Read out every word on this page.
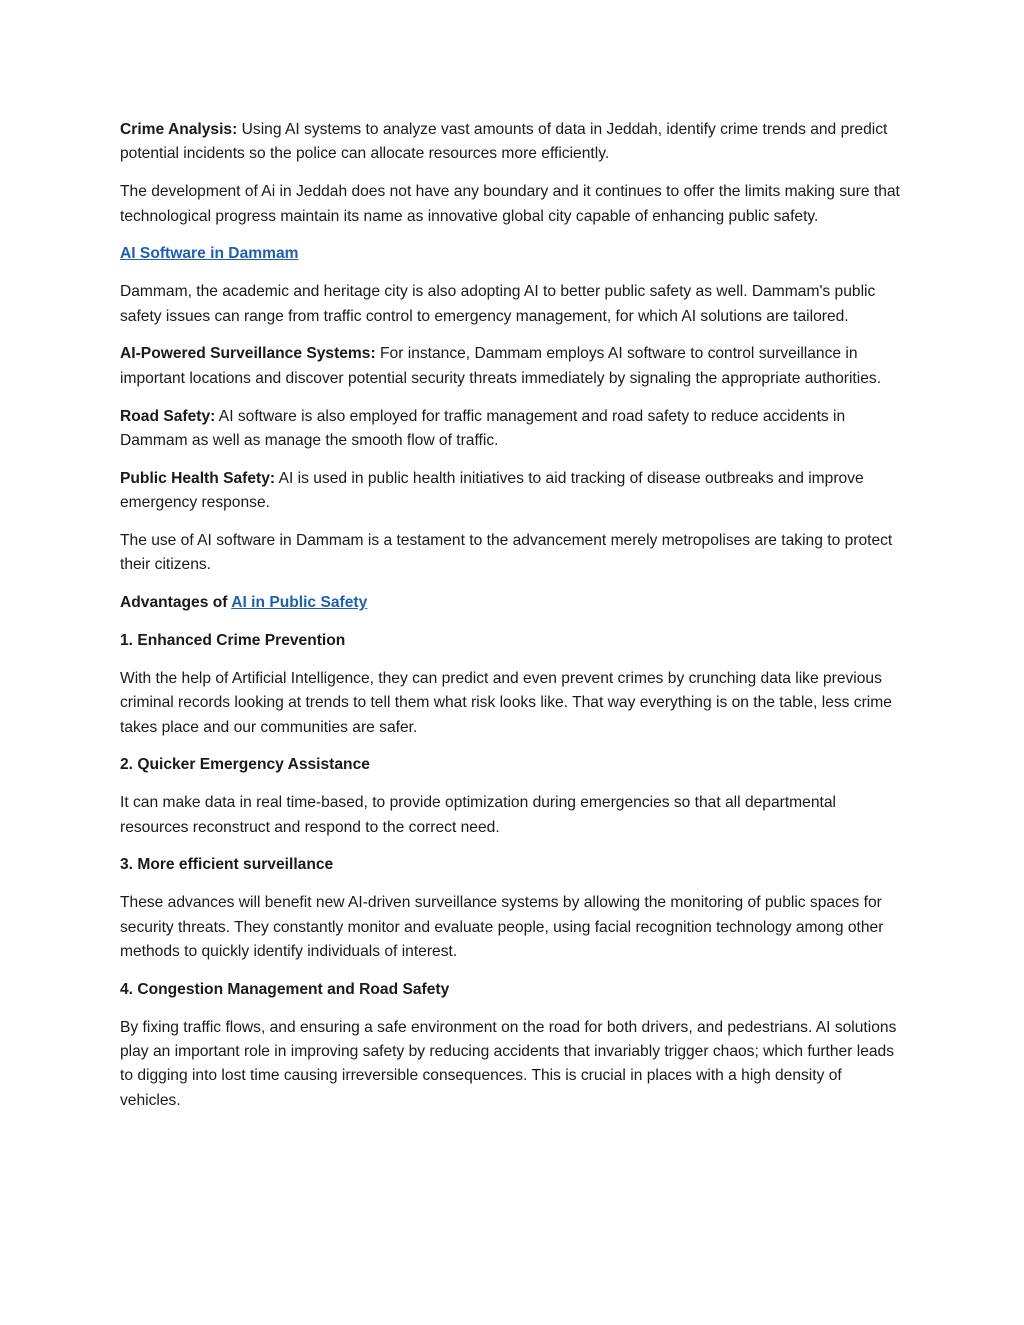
Crime Analysis: Using AI systems to analyze vast amounts of data in Jeddah, identify crime trends and predict potential incidents so the police can allocate resources more efficiently.

The development of Ai in Jeddah does not have any boundary and it continues to offer the limits making sure that technological progress maintain its name as innovative global city capable of enhancing public safety.

AI Software in Dammam

Dammam, the academic and heritage city is also adopting AI to better public safety as well. Dammam's public safety issues can range from traffic control to emergency management, for which AI solutions are tailored.

AI-Powered Surveillance Systems: For instance, Dammam employs AI software to control surveillance in important locations and discover potential security threats immediately by signaling the appropriate authorities.

Road Safety: AI software is also employed for traffic management and road safety to reduce accidents in Dammam as well as manage the smooth flow of traffic.

Public Health Safety: AI is used in public health initiatives to aid tracking of disease outbreaks and improve emergency response.

The use of AI software in Dammam is a testament to the advancement merely metropolises are taking to protect their citizens.

Advantages of AI in Public Safety

1. Enhanced Crime Prevention

With the help of Artificial Intelligence, they can predict and even prevent crimes by crunching data like previous criminal records looking at trends to tell them what risk looks like. That way everything is on the table, less crime takes place and our communities are safer.

2. Quicker Emergency Assistance

It can make data in real time-based, to provide optimization during emergencies so that all departmental resources reconstruct and respond to the correct need.

3. More efficient surveillance

These advances will benefit new AI-driven surveillance systems by allowing the monitoring of public spaces for security threats. They constantly monitor and evaluate people, using facial recognition technology among other methods to quickly identify individuals of interest.

4. Congestion Management and Road Safety

By fixing traffic flows, and ensuring a safe environment on the road for both drivers, and pedestrians. AI solutions play an important role in improving safety by reducing accidents that invariably trigger chaos; which further leads to digging into lost time causing irreversible consequences. This is crucial in places with a high density of vehicles.
